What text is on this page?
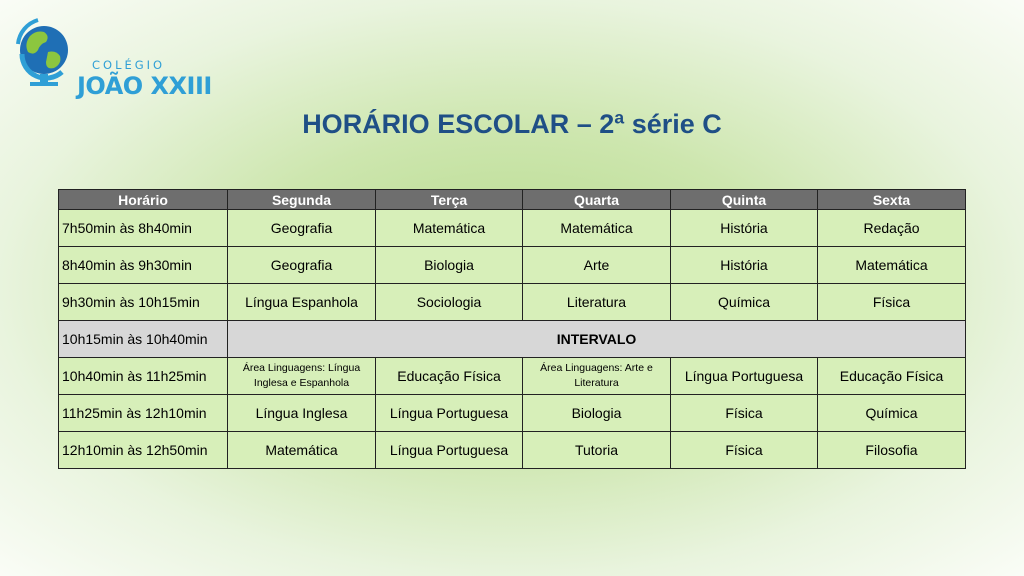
COLÉGIO
JOÃO XXIII
HORÁRIO ESCOLAR – 2ª série C
Horário	Segunda	Terça	Quarta	Quinta	Sexta
7h50min às 8h40min	Geografia	Matemática	Matemática	História	Redação
8h40min às 9h30min	Geografia	Biologia	Arte	História	Matemática
9h30min às 10h15min	Língua Espanhola	Sociologia	Literatura	Química	Física
10h15min às 10h40min	INTERVALO				
10h40min às 11h25min	Área Linguagens: Língua Inglesa e Espanhola	Educação Física	Área Linguagens: Arte e Literatura	Língua Portuguesa	Educação Física
11h25min às 12h10min	Língua Inglesa	Língua Portuguesa	Biologia	Física	Química
12h10min às 12h50min	Matemática	Língua Portuguesa	Tutoria	Física	Filosofia
